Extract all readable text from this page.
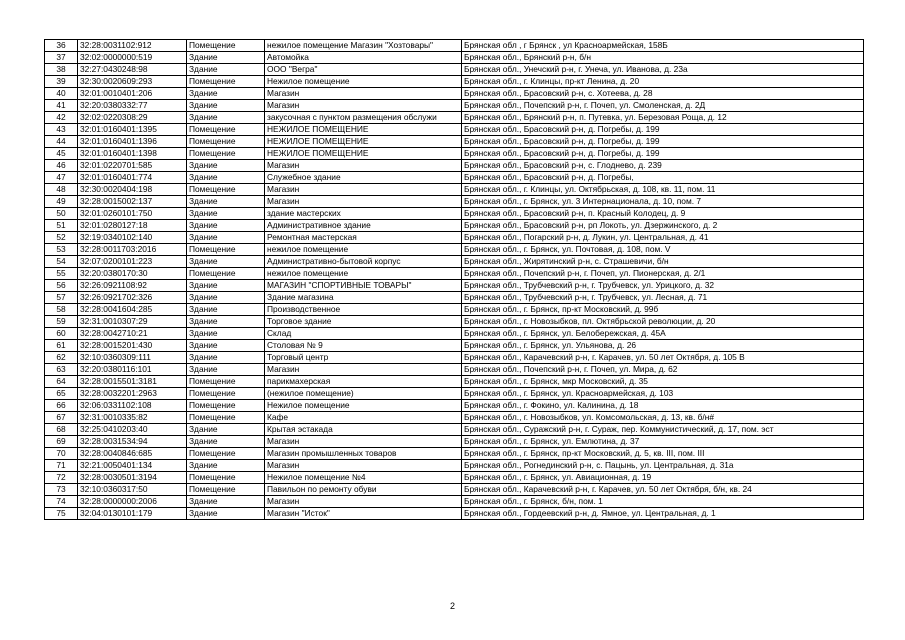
36	32:28:0031102:912	Помещение	нежилое помещение Магазин "Хозтовары"	Брянская обл , г Брянск , ул Красноармейская, 158Б
37	32:02:0000000:519	Здание	Автомойка	Брянская обл., Брянский р-н, б/н
38	32:27:0430248:98	Здание	ООО "Вегра"	Брянская обл., Унечский р-н, г. Унеча, ул. Иванова, д. 23а
39	32:30:0020609:293	Помещение	Нежилое помещение	Брянская обл., г. Клинцы, пр-кт Ленина, д. 20
40	32:01:0010401:206	Здание	Магазин	Брянская обл., Брасовский р-н, с. Хотеева, д. 28
41	32:20:0380332:77	Здание	Магазин	Брянская обл., Почепский р-н, г. Почеп, ул. Смоленская, д. 2Д
42	32:02:0220308:29	Здание	закусочная с пунктом размещения обслужи	Брянская обл., Брянский р-н, п. Путевка, ул. Березовая Роща, д. 12
43	32:01:0160401:1395	Помещение	НЕЖИЛОЕ ПОМЕЩЕНИЕ	Брянская обл., Брасовский р-н, д. Погребы, д. 199
44	32:01:0160401:1396	Помещение	НЕЖИЛОЕ ПОМЕЩЕНИЕ	Брянская обл., Брасовский р-н, д. Погребы, д. 199
45	32:01:0160401:1398	Помещение	НЕЖИЛОЕ ПОМЕЩЕНИЕ	Брянская обл., Брасовский р-н, д. Погребы, д. 199
46	32:01:0220701:585	Здание	Магазин	Брянская обл., Брасовский р-н, с. Глоднево, д. 239
47	32:01:0160401:774	Здание	Служебное здание	Брянская обл., Брасовский р-н, д. Погребы,
48	32:30:0020404:198	Помещение	Магазин	Брянская обл., г. Клинцы, ул. Октябрьская, д. 108, кв. 11, пом. 11
49	32:28:0015002:137	Здание	Магазин	Брянская обл., г. Брянск, ул. 3 Интернационала, д. 10, пом. 7
50	32:01:0260101:750	Здание	здание мастерских	Брянская обл., Брасовский р-н, п. Красный Колодец, д. 9
51	32:01:0280127:18	Здание	Административное здание	Брянская обл., Брасовский р-н, рп Локоть, ул. Дзержинского, д. 2
52	32:19:0340102:140	Здание	Ремонтная мастерская	Брянская обл., Погарский р-н, д. Лукин, ул. Центральная, д. 41
53	32:28:0011703:2016	Помещение	нежилое помещение	Брянская обл., г. Брянск, ул. Почтовая, д. 108, пом. V
54	32:07:0200101:223	Здание	Административно-бытовой корпус	Брянская обл., Жирятинский р-н, с. Страшевичи, б/н
55	32:20:0380170:30	Помещение	нежилое помещение	Брянская обл., Почепский р-н, г. Почеп, ул. Пионерская, д. 2/1
56	32:26:0921108:92	Здание	МАГАЗИН "СПОРТИВНЫЕ ТОВАРЫ"	Брянская обл., Трубчевский р-н, г. Трубчевск, ул. Урицкого, д. 32
57	32:26:0921702:326	Здание	Здание магазина	Брянская обл., Трубчевский р-н, г. Трубчевск, ул. Лесная, д. 71
58	32:28:0041604:285	Здание	Производственное	Брянская обл., г. Брянск, пр-кт Московский, д. 99б
59	32:31:0010307:29	Здание	Торговое здание	Брянская обл., г. Новозыбков, пл. Октябрьской революции, д. 20
60	32:28:0042710:21	Здание	Склад	Брянская обл., г. Брянск, ул. Белобережская, д. 45А
61	32:28:0015201:430	Здание	Столовая № 9	Брянская обл., г. Брянск, ул. Ульянова, д. 26
62	32:10:0360309:111	Здание	Торговый центр	Брянская обл., Карачевский р-н, г. Карачев, ул. 50 лет Октября, д. 105 В
63	32:20:0380116:101	Здание	Магазин	Брянская обл., Почепский р-н, г. Почеп, ул. Мира, д. 62
64	32:28:0015501:3181	Помещение	парикмахерская	Брянская обл., г. Брянск, мкр Московский, д. 35
65	32:28:0032201:2963	Помещение	(нежилое помещение)	Брянская обл., г. Брянск, ул. Красноармейская, д. 103
66	32:06:0331102:108	Помещение	Нежилое помещение	Брянская обл., г. Фокино, ул. Калинина, д. 18
67	32:31:0010335:82	Помещение	Кафе	Брянская обл., г. Новозыбков, ул. Комсомольская, д. 13, кв. б/н#
68	32:25:0410203:40	Здание	Крытая эстакада	Брянская обл., Суражский р-н, г. Сураж, пер. Коммунистический, д. 17, пом. эст
69	32:28:0031534:94	Здание	Магазин	Брянская обл., г. Брянск, ул. Емлютина, д. 37
70	32:28:0040846:685	Помещение	Магазин промышленных товаров	Брянская обл., г. Брянск, пр-кт Московский, д. 5, кв. III, пом. III
71	32:21:0050401:134	Здание	Магазин	Брянская обл., Рогнединский р-н, с. Пацынь, ул. Центральная, д. 31а
72	32:28:0030501:3194	Помещение	Нежилое помещение №4	Брянская обл., г. Брянск, ул. Авиационная, д. 19
73	32:10:0360317:50	Помещение	Павильон по ремонту обуви	Брянская обл., Карачевский р-н, г. Карачев, ул. 50 лет Октября, б/н, кв. 24
74	32:28:0000000:2006	Здание	Магазин	Брянская обл., г. Брянск, б/н, пом. 1
75	32:04:0130101:179	Здание	Магазин "Исток"	Брянская обл., Гордеевский р-н, д. Ямное, ул. Центральная, д. 1
2
